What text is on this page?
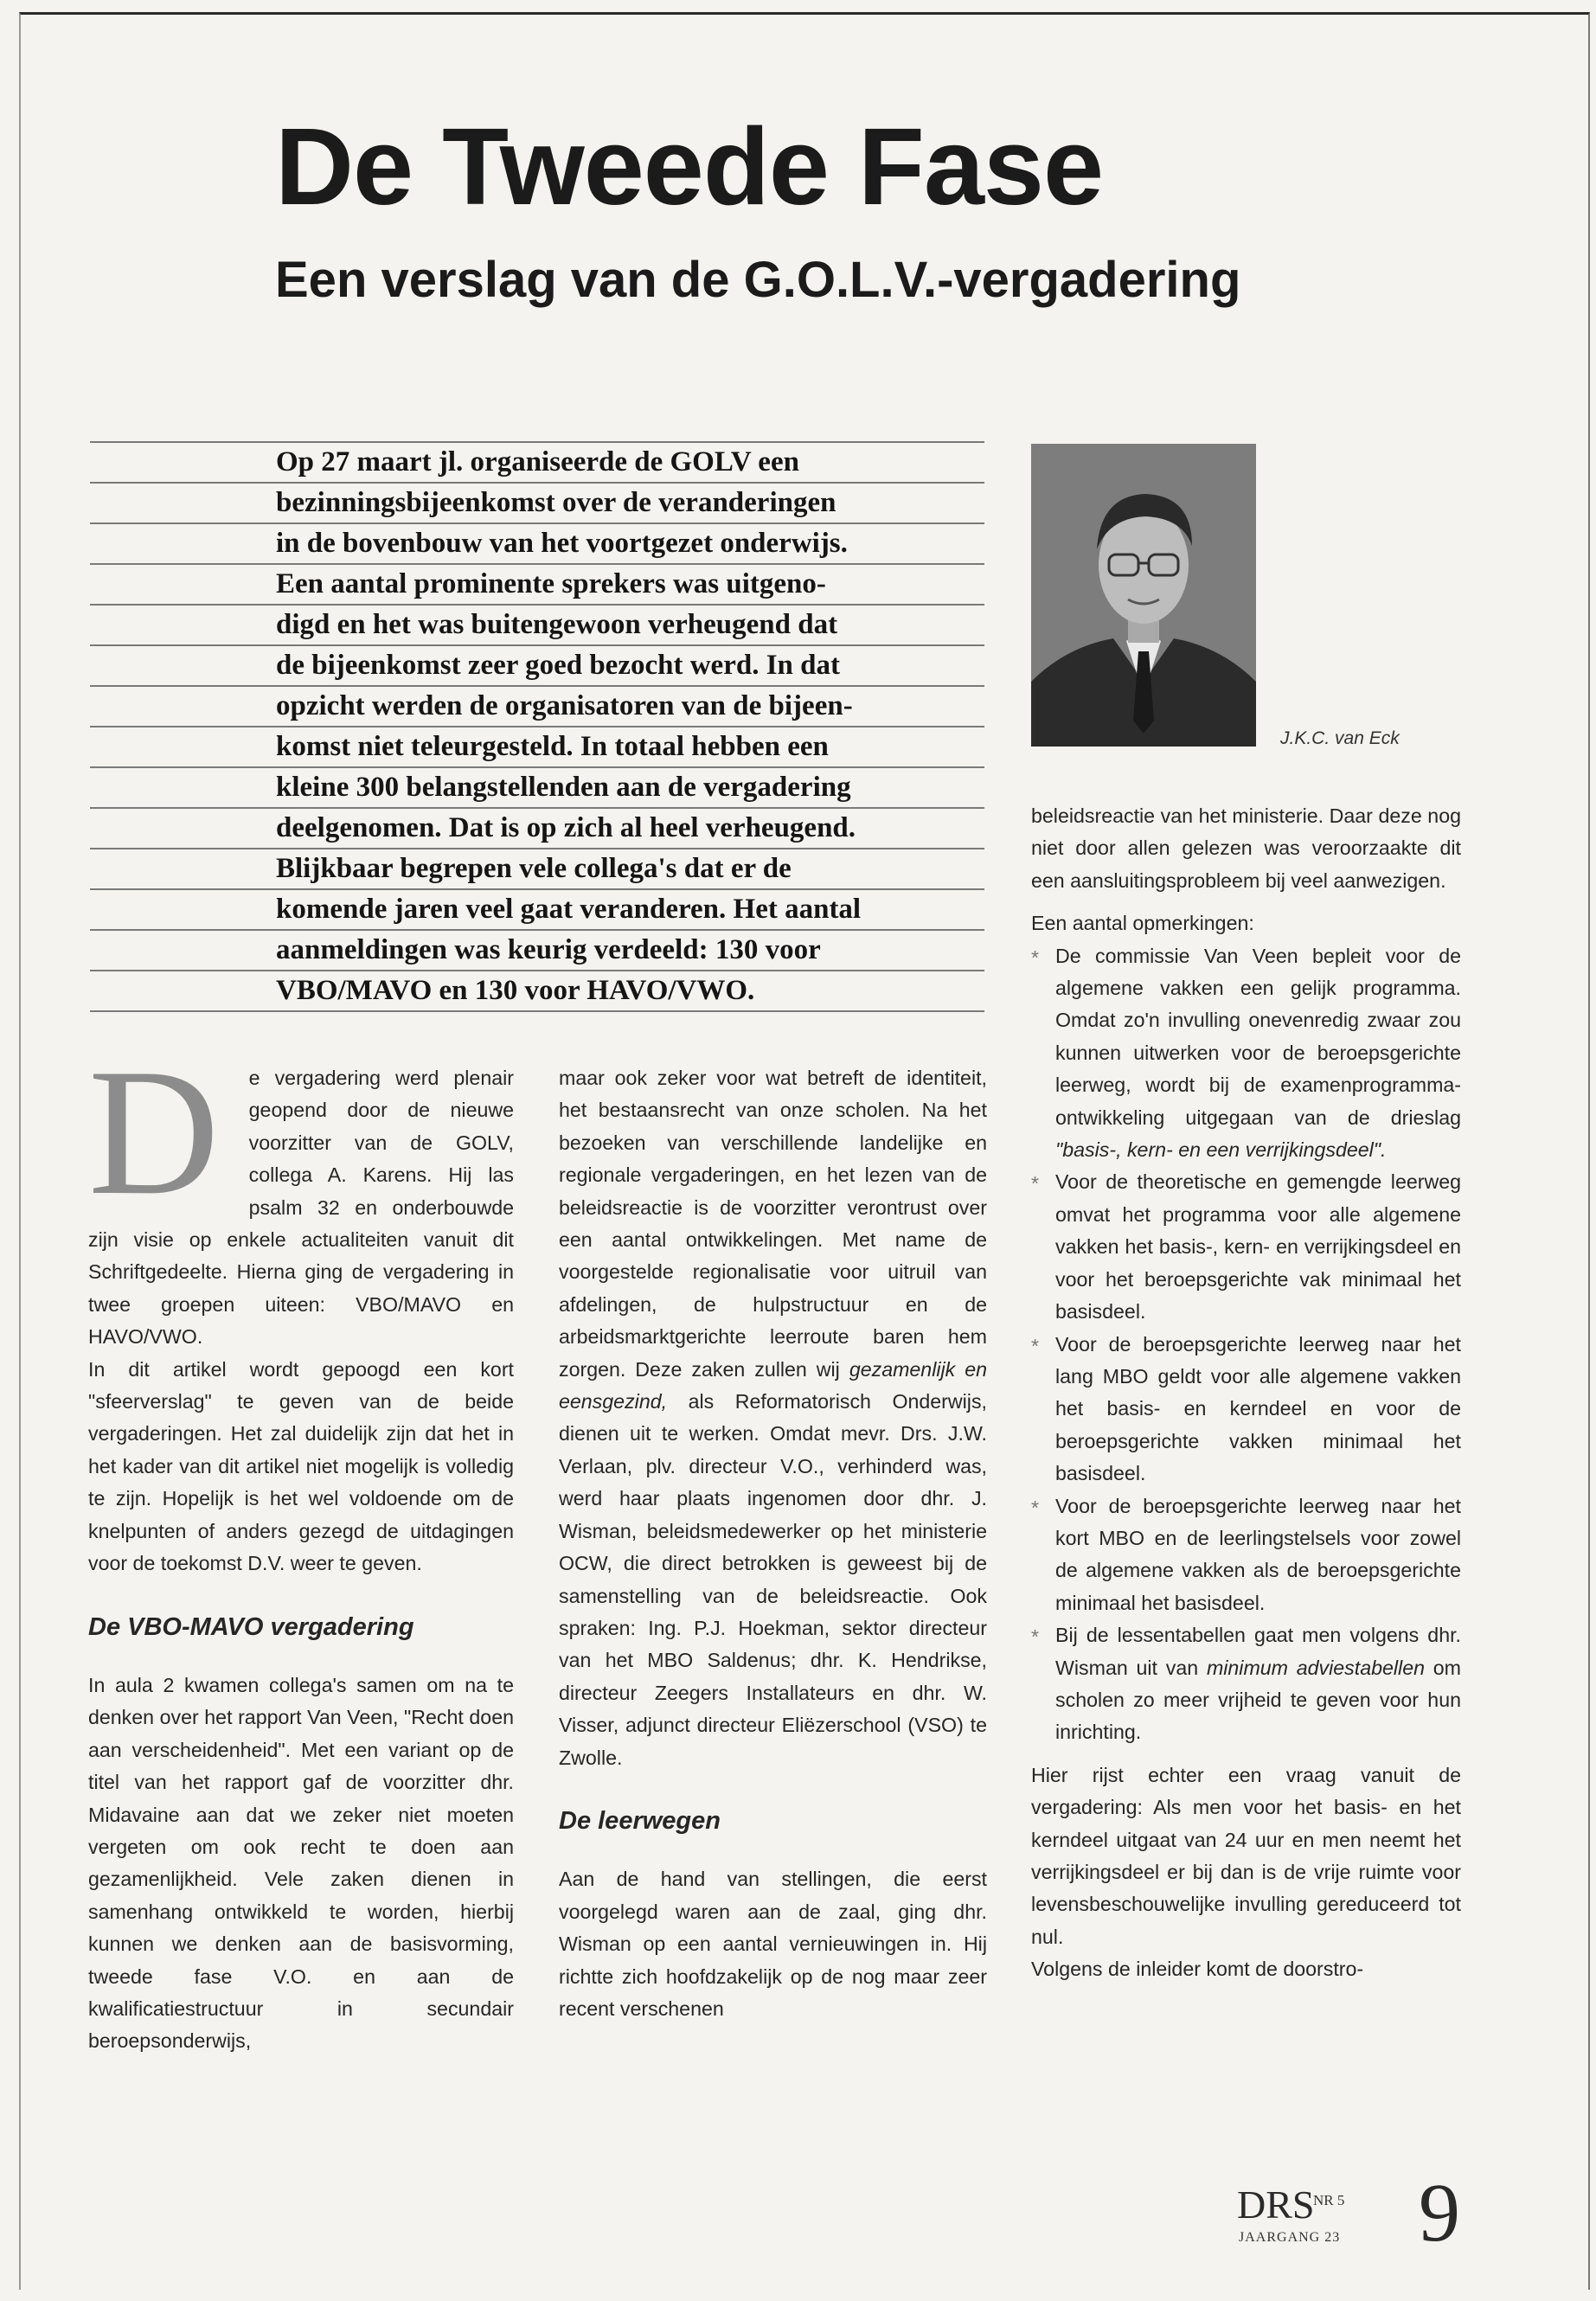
De Tweede Fase
Een verslag van de G.O.L.V.-vergadering
Op 27 maart jl. organiseerde de GOLV een
bezinningsbijeenkomst over de veranderingen
in de bovenbouw van het voortgezet onderwijs.
Een aantal prominente sprekers was uitgeno-
digd en het was buitengewoon verheugend dat
de bijeenkomst zeer goed bezocht werd. In dat
opzicht werden de organisatoren van de bijeen-
komst niet teleurgesteld. In totaal hebben een
kleine 300 belangstellenden aan de vergadering
deelgenomen. Dat is op zich al heel verheugend.
Blijkbaar begrepen vele collega's dat er de
komende jaren veel gaat veranderen. Het aantal
aanmeldingen was keurig verdeeld: 130 voor
VBO/MAVO en 130 voor HAVO/VWO.
J.K.C. van Eck
D	e vergadering werd plenair geopend door de nieuwe voorzitter van de GOLV, collega A. Karens. Hij las psalm 32 en onderbouwde zijn visie op enkele actualiteiten vanuit dit Schriftgedeelte. Hierna ging de vergadering in twee groepen uiteen: VBO/MAVO en HAVO/VWO.

In dit artikel wordt gepoogd een kort "sfeerverslag" te geven van de beide vergaderingen. Het zal duidelijk zijn dat het in het kader van dit artikel niet mogelijk is volledig te zijn. Hopelijk is het wel voldoende om de knelpunten of anders gezegd de uitdagingen voor de toekomst D.V. weer te geven.

De VBO-MAVO vergadering

In aula 2 kwamen collega's samen om na te denken over het rapport Van Veen, "Recht doen aan verscheidenheid". Met een variant op de titel van het rapport gaf de voorzitter dhr. Midavaine aan dat we zeker niet moeten vergeten om ook recht te doen aan gezamenlijkheid. Vele zaken dienen in samenhang ontwikkeld te worden, hierbij kunnen we denken aan de basisvorming, tweede fase V.O. en aan de kwalificatiestructuur in secundair beroepsonderwijs,

maar ook zeker voor wat betreft de identiteit, het bestaansrecht van onze scholen. Na het bezoeken van verschillende landelijke en regionale vergaderingen, en het lezen van de beleidsreactie is de voorzitter verontrust over een aantal ontwikkelingen. Met name de voorgestelde regionalisatie voor uitruil van afdelingen, de hulpstructuur en de arbeidsmarktgerichte leerroute baren hem zorgen. Deze zaken zullen wij gezamenlijk en eensgezind, als Reformatorisch Onderwijs, dienen uit te werken. Omdat mevr. Drs. J.W. Verlaan, plv. directeur V.O., verhinderd was, werd haar plaats ingenomen door dhr. J. Wisman, beleidsmedewerker op het ministerie OCW, die direct betrokken is geweest bij de samenstelling van de beleidsreactie. Ook spraken: Ing. P.J. Hoekman, sektor directeur van het MBO Saldenus; dhr. K. Hendrikse, directeur Zeegers Installateurs en dhr. W. Visser, adjunct directeur Eliëzerschool (VSO) te Zwolle.

De leerwegen

Aan de hand van stellingen, die eerst voorgelegd waren aan de zaal, ging dhr. Wisman op een aantal vernieuwingen in. Hij richtte zich hoofdzakelijk op de nog maar zeer recent verschenen

beleidsreactie van het ministerie. Daar deze nog niet door allen gelezen was veroorzaakte dit een aansluitingsprobleem bij veel aanwezigen.

Een aantal opmerkingen:

* De commissie Van Veen bepleit voor de algemene vakken een gelijk programma. Omdat zo'n invulling onevenredig zwaar zou kunnen uitwerken voor de beroepsgerichte leerweg, wordt bij de examenprogramma-ontwikkeling uitgegaan van de drieslag "basis-, kern- en een verrijkingsdeel".
* Voor de theoretische en gemengde leerweg omvat het programma voor alle algemene vakken het basis-, kern- en verrijkingsdeel en voor het beroepsgerichte vak minimaal het basisdeel.
* Voor de beroepsgerichte leerweg naar het lang MBO geldt voor alle algemene vakken het basis- en kerndeel en voor de beroepsgerichte vakken minimaal het basisdeel.
* Voor de beroepsgerichte leerweg naar het kort MBO en de leerlingstelsels voor zowel de algemene vakken als de beroepsgerichte minimaal het basisdeel.
* Bij de lessentabellen gaat men volgens dhr. Wisman uit van minimum adviestabellen om scholen zo meer vrijheid te geven voor hun inrichting.

Hier rijst echter een vraag vanuit de vergadering: Als men voor het basis- en het kerndeel uitgaat van 24 uur en men neemt het verrijkingsdeel er bij dan is de vrije ruimte voor levensbeschouwelijke invulling gereduceerd tot nul.

Volgens de inleider komt de doorstro-

DRS
NR 5
JAARGANG 23 9
